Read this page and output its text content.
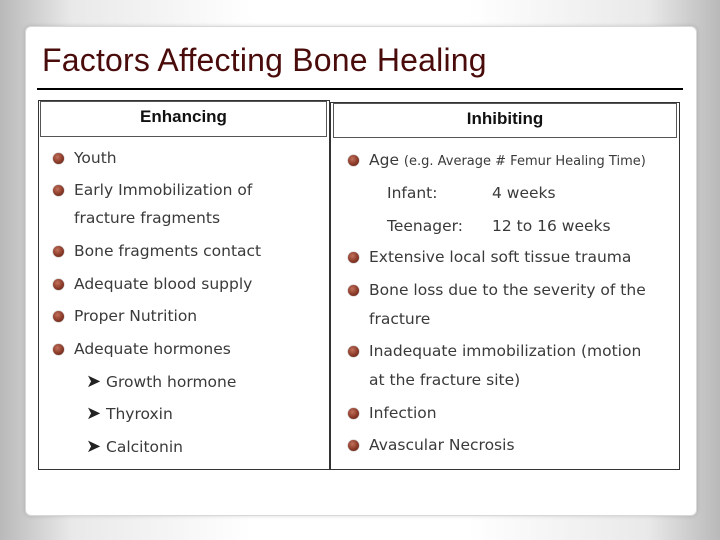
Factors Affecting Bone Healing
Enhancing
Youth
Early Immobilization of
fracture fragments
Bone fragments contact
Adequate blood supply
Proper Nutrition
Adequate hormones
➤ Growth hormone
➤ Thyroxin
➤ Calcitonin
Inhibiting
Age (e.g. Average # Femur Healing Time)
Infant:	4 weeks
Teenager: 12 to 16 weeks
Extensive local soft tissue trauma
Bone loss due to the severity of the
fracture
Inadequate immobilization (motion
at the fracture site)
Infection
Avascular Necrosis
